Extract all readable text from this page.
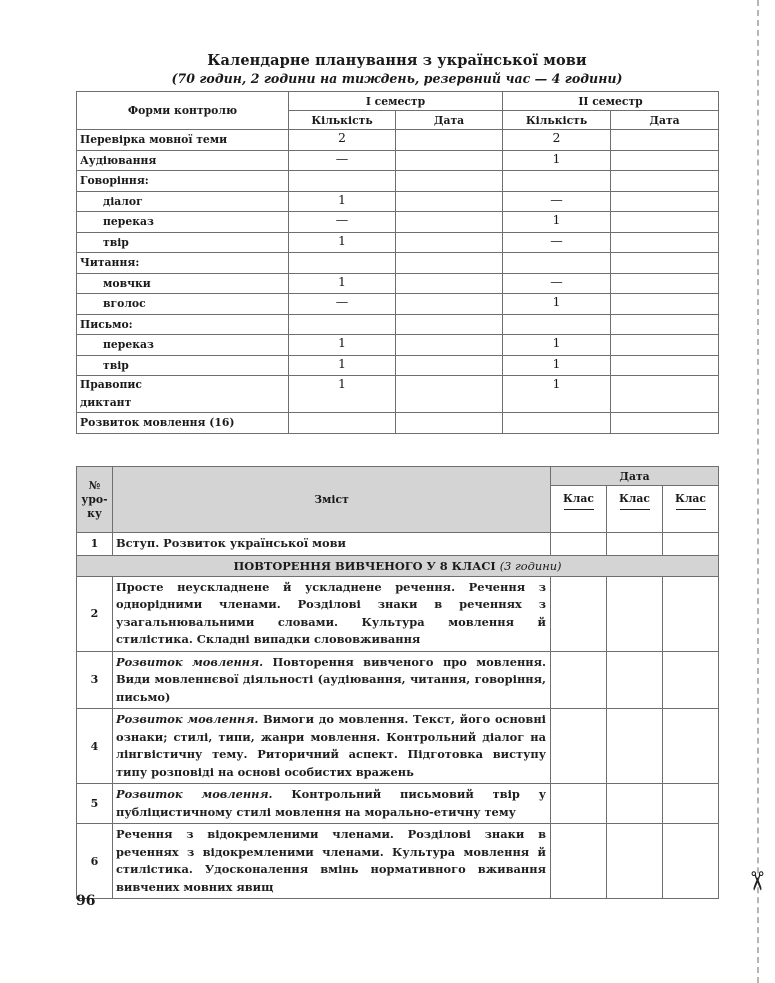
✂
Календарне планування з української мови
(70 годин, 2 години на тиждень, резервний час — 4 години)
Форми контролю	I семестр		II семестр	
	Кількість	Дата	Кількість	Дата
Перевірка мовної теми	2		2	
Аудіювання	—		1	
Говоріння:				
діалог	1		—	
переказ	—		1	
твір	1		—	
Читання:				
мовчки	1		—	
вголос	—		1	
Письмо:				
переказ	1		1	
твір	1		1	
Правопис
диктант	1		1	
Розвиток мовлення (16)				
№
уро-
ку	Зміст	Дата		
		Клас	Клас	Клас

1	Вступ. Розвиток української мови			
ПОВТОРЕННЯ ВИВЧЕНОГО У 8 КЛАСІ (3 години)				
2	Просте неускладнене й ускладнене речення. Речення з однорідними членами. Розділові знаки в реченнях з узагальнювальними словами. Культура мовлення й стилістика. Складні випадки слововживання			
3	Розвиток мовлення. Повторення вивченого про мовлення. Види мовленнєвої діяльності (аудіювання, читання, говоріння, письмо)			
4	Розвиток мовлення. Вимоги до мовлення. Текст, його основні ознаки; стилі, типи, жанри мовлення. Контрольний діалог на лінгвістичну тему. Риторичний аспект. Підготовка виступу типу розповіді на основі особистих вражень			
5	Розвиток мовлення. Контрольний письмовий твір у публіцистичному стилі мовлення на морально-етичну тему			
6	Речення з відокремленими членами. Розділові знаки в реченнях з відокремленими членами. Культура мовлення й стилістика. Удосконалення вмінь нормативного вживання вивчених мовних явищ			
96
